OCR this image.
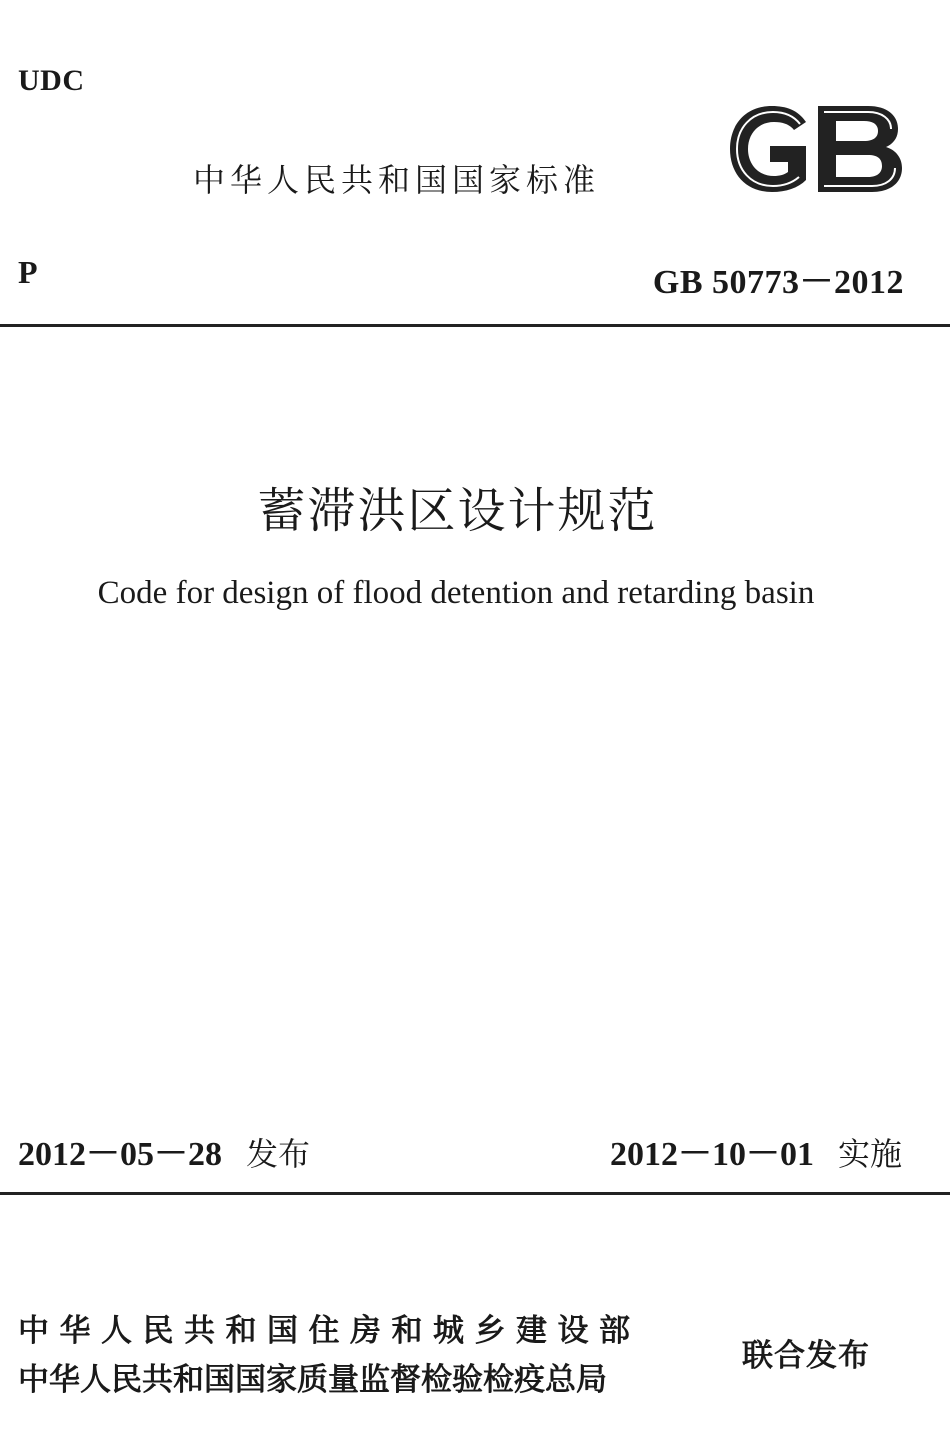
UDC
中华人民共和国国家标准
P	GB 50773－2012
蓄滞洪区设计规范
Code for design of flood detention and retarding basin
2012－05－28 发布	2012－10－01 实施
中华人民共和国住房和城乡建设部
中华人民共和国国家质量监督检验检疫总局
联合发布
